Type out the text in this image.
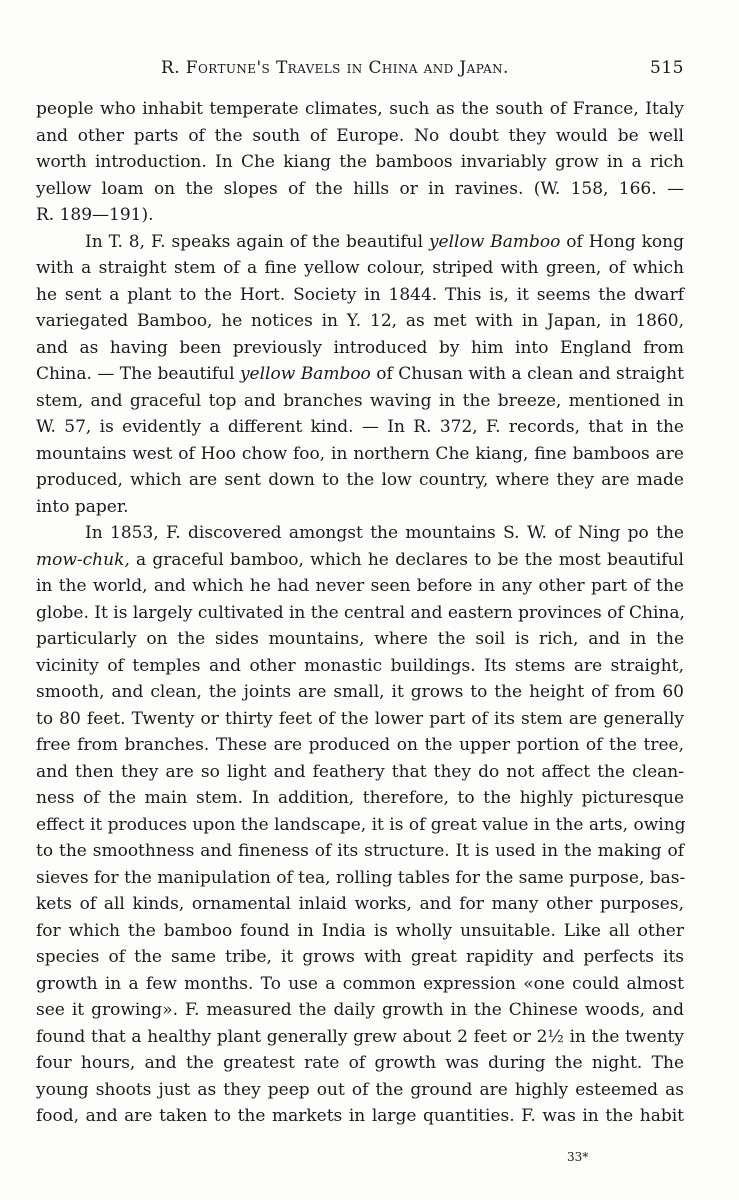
R. Fortune's Travels in China and Japan.	515
people who inhabit temperate climates, such as the south of France, Italy
and other parts of the south of Europe. No doubt they would be well
worth introduction. In Che kiang the bamboos invariably grow in a rich
yellow loam on the slopes of the hills or in ravines. (W. 158, 166. —
R. 189—191).
In T. 8, F. speaks again of the beautiful yellow Bamboo of Hong kong
with a straight stem of a fine yellow colour, striped with green, of which
he sent a plant to the Hort. Society in 1844. This is, it seems the dwarf
variegated Bamboo, he notices in Y. 12, as met with in Japan, in 1860,
and as having been previously introduced by him into England from
China. — The beautiful yellow Bamboo of Chusan with a clean and straight
stem, and graceful top and branches waving in the breeze, mentioned in
W. 57, is evidently a different kind. — In R. 372, F. records, that in the
mountains west of Hoo chow foo, in northern Che kiang, fine bamboos are
produced, which are sent down to the low country, where they are made
into paper.
In 1853, F. discovered amongst the mountains S. W. of Ning po the
mow-chuk, a graceful bamboo, which he declares to be the most beautiful
in the world, and which he had never seen before in any other part of the
globe. It is largely cultivated in the central and eastern provinces of China,
particularly on the sides mountains, where the soil is rich, and in the
vicinity of temples and other monastic buildings. Its stems are straight,
smooth, and clean, the joints are small, it grows to the height of from 60
to 80 feet. Twenty or thirty feet of the lower part of its stem are generally
free from branches. These are produced on the upper portion of the tree,
and then they are so light and feathery that they do not affect the clean-
ness of the main stem. In addition, therefore, to the highly picturesque
effect it produces upon the landscape, it is of great value in the arts, owing
to the smoothness and fineness of its structure. It is used in the making of
sieves for the manipulation of tea, rolling tables for the same purpose, bas-
kets of all kinds, ornamental inlaid works, and for many other purposes,
for which the bamboo found in India is wholly unsuitable. Like all other
species of the same tribe, it grows with great rapidity and perfects its
growth in a few months. To use a common expression «one could almost
see it growing». F. measured the daily growth in the Chinese woods, and
found that a healthy plant generally grew about 2 feet or 2½ in the twenty
four hours, and the greatest rate of growth was during the night. The
young shoots just as they peep out of the ground are highly esteemed as
food, and are taken to the markets in large quantities. F. was in the habit
33*
